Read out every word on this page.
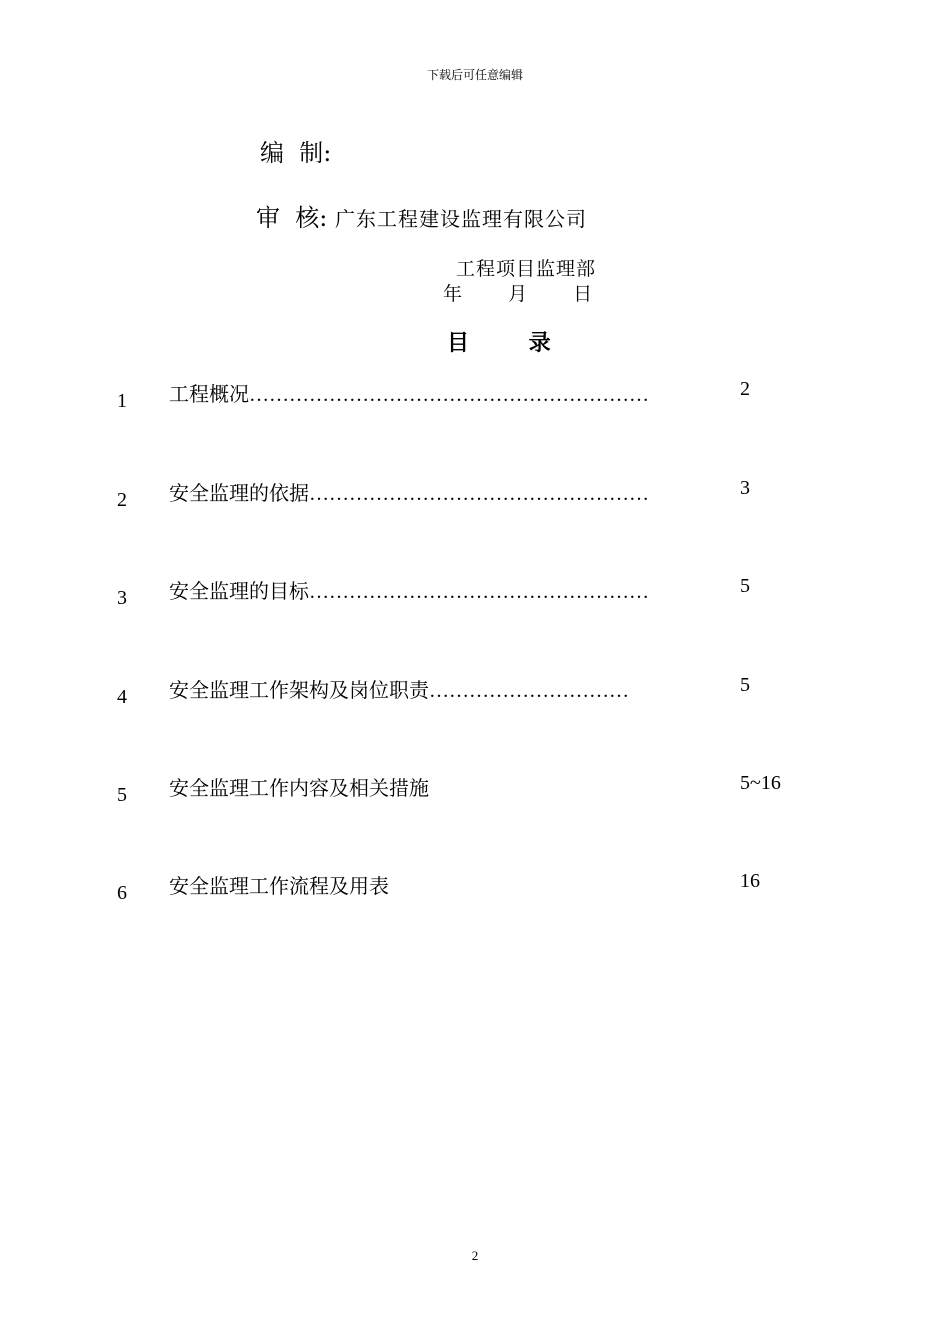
下载后可任意编辑
编  制:
审  核: 广东工程建设监理有限公司
工程项目监理部
年 月 日
目 录
1 工程概况……………………………………………………	2
2 安全监理的依据……………………………………………	3
3 安全监理的目标……………………………………………	5
4 安全监理工作架构及岗位职责…………………………	5
5 安全监理工作内容及相关措施	5~16
6 安全监理工作流程及用表	16
2
